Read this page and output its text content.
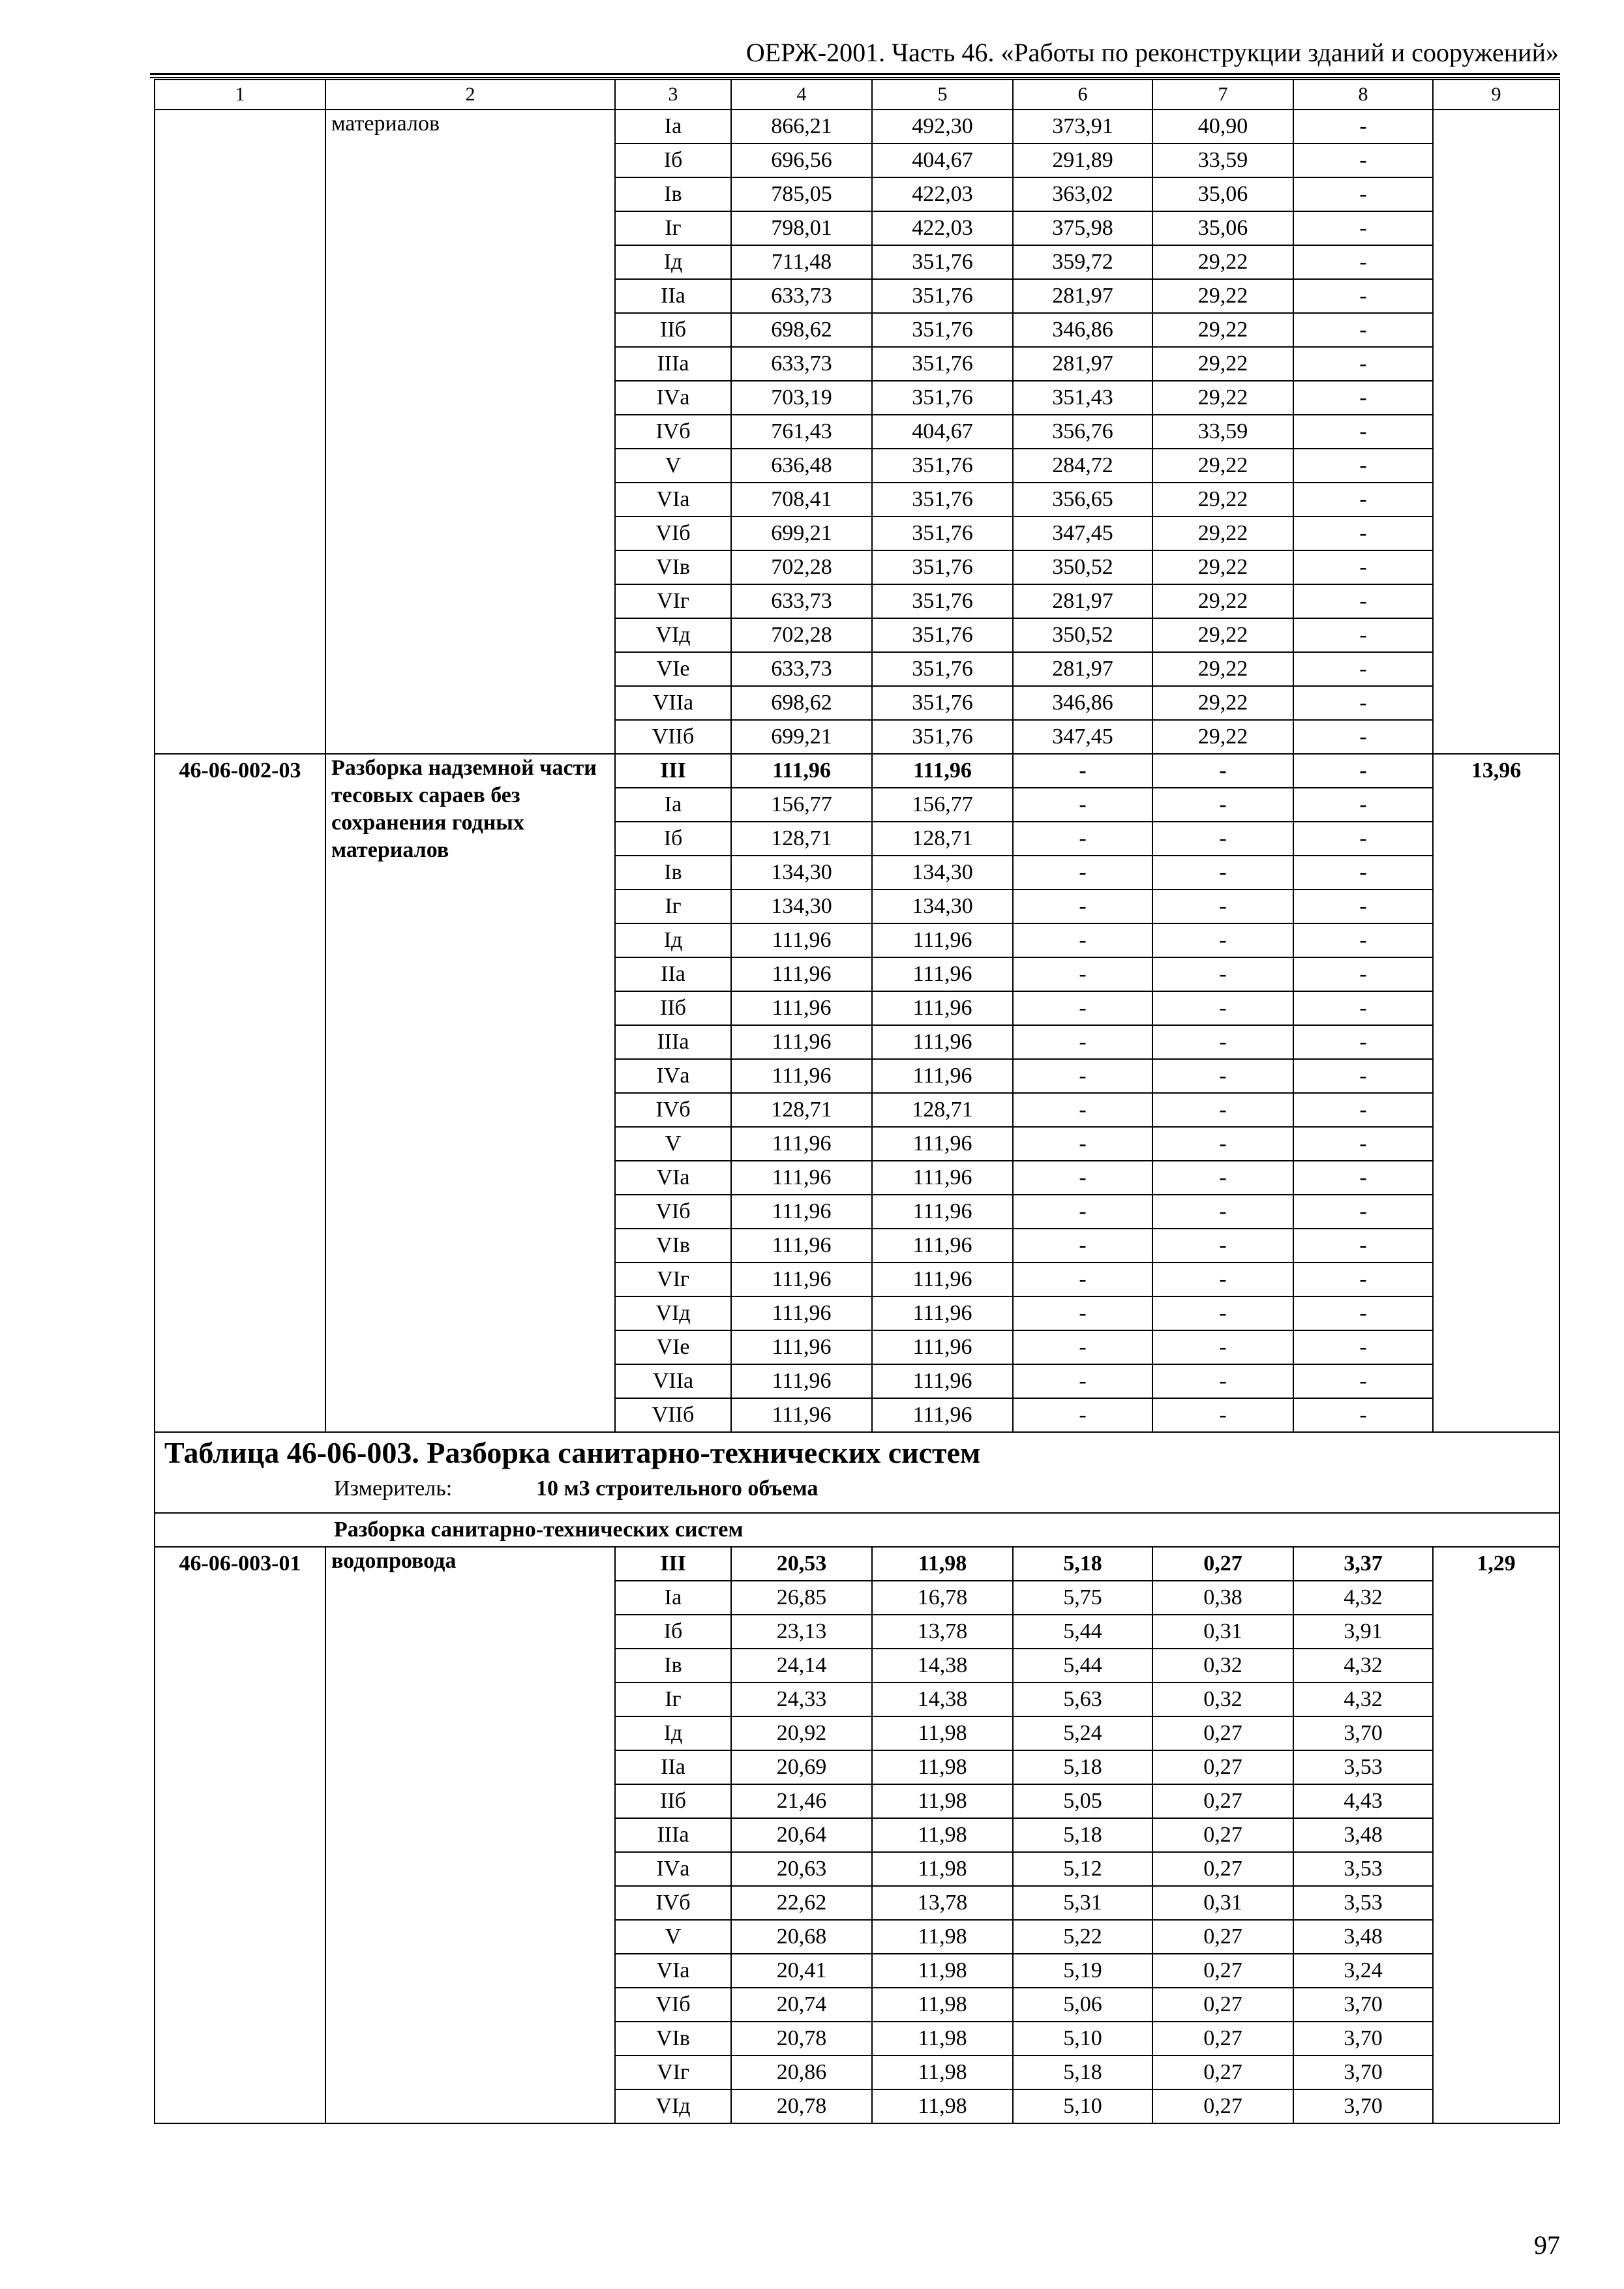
ОЕРЖ-2001. Часть 46. «Работы по реконструкции зданий и сооружений»
1	2	3	4	5	6	7	8	9
	материалов	Iа	866,21	492,30	373,91	40,90	-	
		Iб	696,56	404,67	291,89	33,59	-	
		Iв	785,05	422,03	363,02	35,06	-	
		Iг	798,01	422,03	375,98	35,06	-	
		Iд	711,48	351,76	359,72	29,22	-	
		IIа	633,73	351,76	281,97	29,22	-	
		IIб	698,62	351,76	346,86	29,22	-	
		IIIа	633,73	351,76	281,97	29,22	-	
		IVа	703,19	351,76	351,43	29,22	-	
		IVб	761,43	404,67	356,76	33,59	-	
		V	636,48	351,76	284,72	29,22	-	
		VIа	708,41	351,76	356,65	29,22	-	
		VIб	699,21	351,76	347,45	29,22	-	
		VIв	702,28	351,76	350,52	29,22	-	
		VIг	633,73	351,76	281,97	29,22	-	
		VIд	702,28	351,76	350,52	29,22	-	
		VIе	633,73	351,76	281,97	29,22	-	
		VIIа	698,62	351,76	346,86	29,22	-	
		VIIб	699,21	351,76	347,45	29,22	-	
46-06-002-03	Разборка надземной части тесовых сараев без сохранения годных материалов	III	111,96	111,96	-	-	-	13,96
		Iа	156,77	156,77	-	-	-	
		Iб	128,71	128,71	-	-	-	
		Iв	134,30	134,30	-	-	-	
		Iг	134,30	134,30	-	-	-	
		Iд	111,96	111,96	-	-	-	
		IIа	111,96	111,96	-	-	-	
		IIб	111,96	111,96	-	-	-	
		IIIа	111,96	111,96	-	-	-	
		IVа	111,96	111,96	-	-	-	
		IVб	128,71	128,71	-	-	-	
		V	111,96	111,96	-	-	-	
		VIа	111,96	111,96	-	-	-	
		VIб	111,96	111,96	-	-	-	
		VIв	111,96	111,96	-	-	-	
		VIг	111,96	111,96	-	-	-	
		VIд	111,96	111,96	-	-	-	
		VIе	111,96	111,96	-	-	-	
		VIIа	111,96	111,96	-	-	-	
		VIIб	111,96	111,96	-	-	-	

Таблица 46-06-003. Разборка санитарно-технических систем
Измеритель: 10 м3 строительного объема								

Разборка санитарно-технических систем								
46-06-003-01	водопровода	III	20,53	11,98	5,18	0,27	3,37	1,29
		Iа	26,85	16,78	5,75	0,38	4,32	
		Iб	23,13	13,78	5,44	0,31	3,91	
		Iв	24,14	14,38	5,44	0,32	4,32	
		Iг	24,33	14,38	5,63	0,32	4,32	
		Iд	20,92	11,98	5,24	0,27	3,70	
		IIа	20,69	11,98	5,18	0,27	3,53	
		IIб	21,46	11,98	5,05	0,27	4,43	
		IIIа	20,64	11,98	5,18	0,27	3,48	
		IVа	20,63	11,98	5,12	0,27	3,53	
		IVб	22,62	13,78	5,31	0,31	3,53	
		V	20,68	11,98	5,22	0,27	3,48	
		VIа	20,41	11,98	5,19	0,27	3,24	
		VIб	20,74	11,98	5,06	0,27	3,70	
		VIв	20,78	11,98	5,10	0,27	3,70	
		VIг	20,86	11,98	5,18	0,27	3,70	
		VIд	20,78	11,98	5,10	0,27	3,70	
97
